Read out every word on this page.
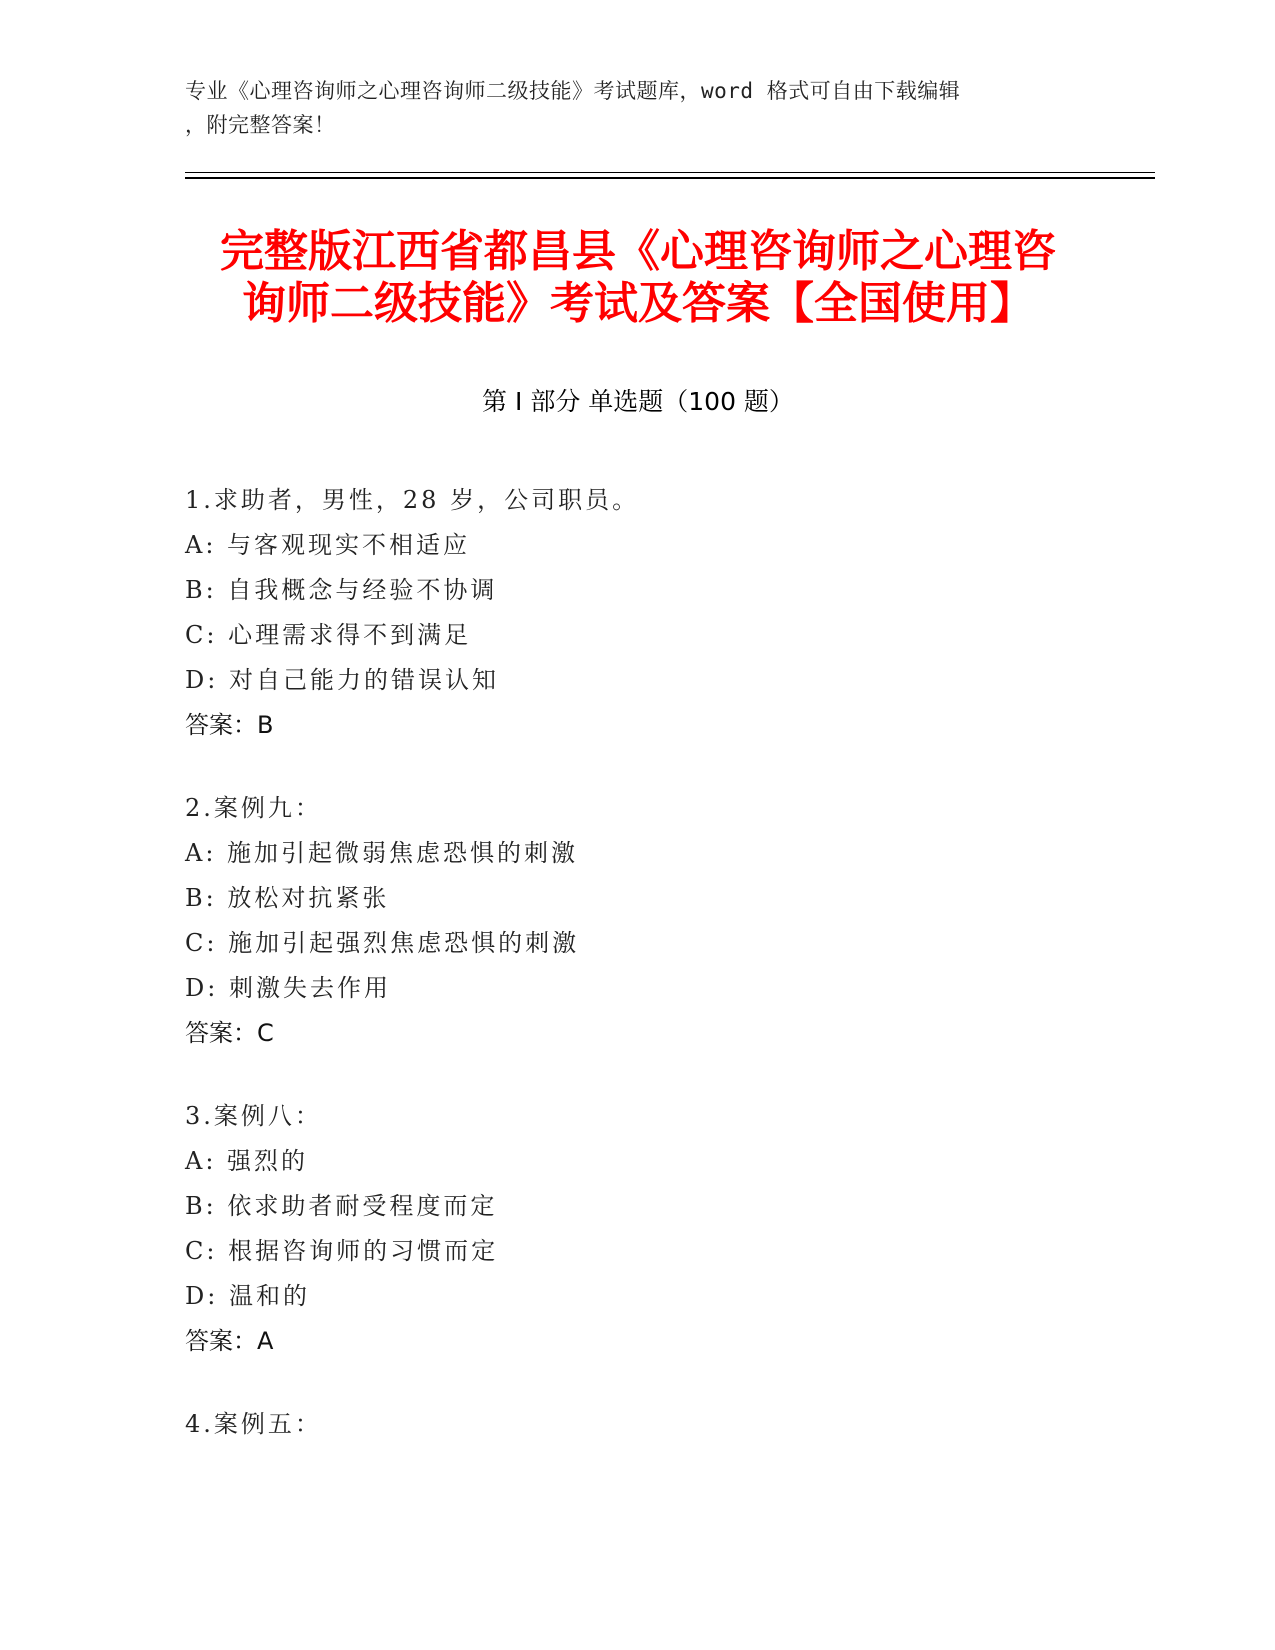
专业《心理咨询师之心理咨询师二级技能》考试题库，word 格式可自由下载编辑
，附完整答案！
完整版江西省都昌县《心理咨询师之心理咨
询师二级技能》考试及答案【全国使用】
第 I 部分 单选题（100 题）
1.求助者，男性，28 岁，公司职员。
A: 与客观现实不相适应
B: 自我概念与经验不协调
C: 心理需求得不到满足
D: 对自己能力的错误认知
答案：B
2.案例九：
A: 施加引起微弱焦虑恐惧的刺激
B: 放松对抗紧张
C: 施加引起强烈焦虑恐惧的刺激
D: 刺激失去作用
答案：C
3.案例八：
A: 强烈的
B: 依求助者耐受程度而定
C: 根据咨询师的习惯而定
D: 温和的
答案：A
4.案例五：
